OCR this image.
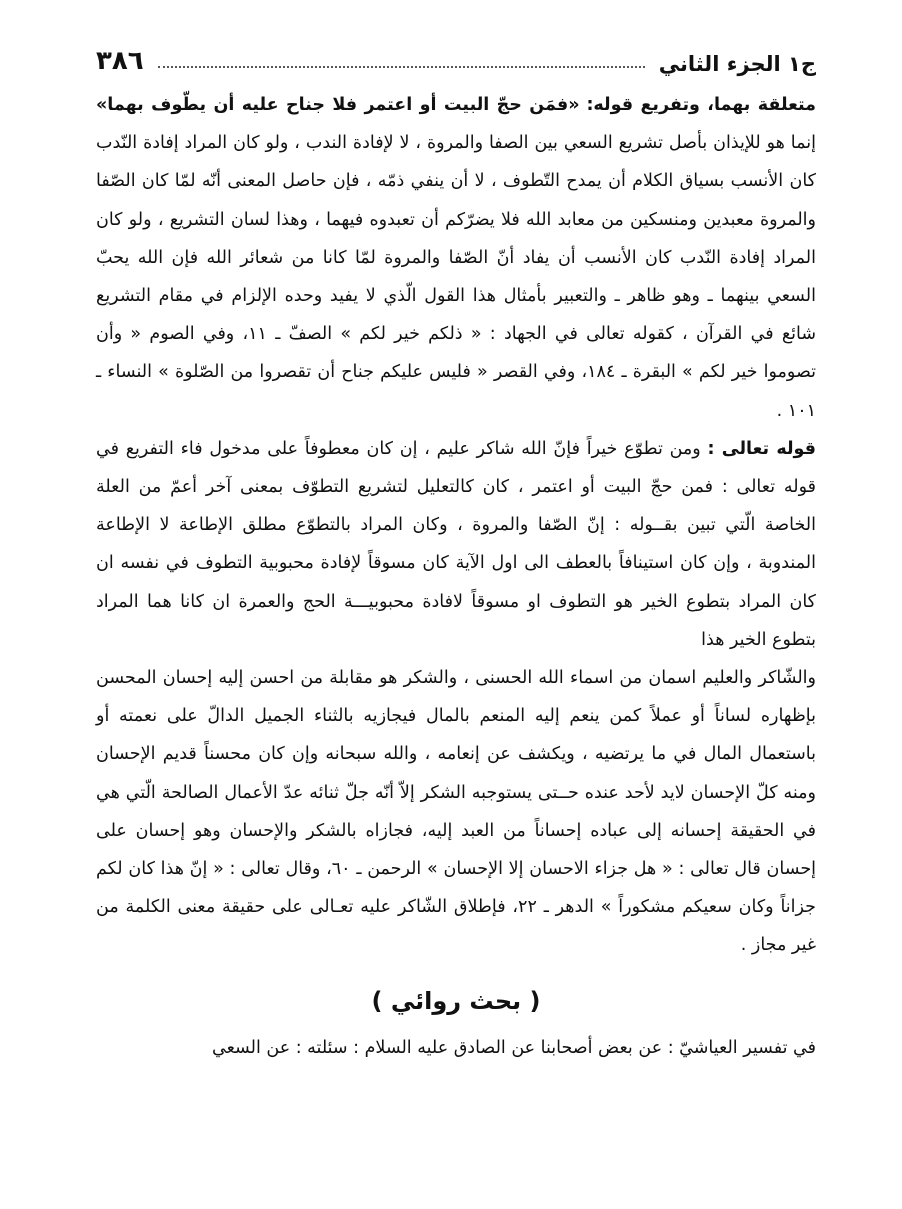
٣٨٦	ج١ الجزء الثاني

متعلقة بهما، وتفريع قوله: «فمَن حجّ البيت أو اعتمر فلا جناح عليه أن يطّوف بهما» إنما هو للإيذان بأصل تشريع السعي بين الصفا والمروة ، لا لإفادة الندب ، ولو كان المراد إفادة النّدب كان الأنسب بسياق الكلام أن يمدح التّطوف ، لا أن ينفي ذمّه ، فإن حاصل المعنى أنّه لمّا كان الصّفا والمروة معبدين ومنسكين من معابد الله فلا يضرّكم أن تعبدوه فيهما ، وهذا لسان التشريع ، ولو كان المراد إفادة النّدب كان الأنسب أن يفاد أنّ الصّفا والمروة لمّا كانا من شعائر الله فإن الله يحبّ السعي بينهما ـ وهو ظاهر ـ والتعبير بأمثال هذا القول الّذي لا يفيد وحده الإلزام في مقام التشريع شائع في القرآن ، كقوله تعالى في الجهاد : « ذلكم خير لكم » الصفّ ـ ١١، وفي الصوم « وأن تصوموا خير لكم » البقرة ـ ١٨٤، وفي القصر « فليس عليكم جناح أن تقصروا من الصّلوة » النساء ـ ١٠١ .

قوله تعالى : ومن تطوّع خيراً فإنّ الله شاكر عليم ، إن كان معطوفاً على مدخول فاء التفريع في قوله تعالى : فمن حجّ البيت أو اعتمر ، كان كالتعليل لتشريع التطوّف بمعنى آخر أعمّ من العلة الخاصة الّتي تبين بقــوله : إنّ الصّفا والمروة ، وكان المراد بالتطوّع مطلق الإطاعة لا الإطاعة المندوبة ، وإن كان استينافاً بالعطف الى اول الآية كان مسوقاً لإفادة محبوبية التطوف في نفسه ان كان المراد بتطوع الخير هو التطوف او مسوقاً لافادة محبوبيـــة الحج والعمرة ان كانا هما المراد بتطوع الخير هذا

والشّاكر والعليم اسمان من اسماء الله الحسنى ، والشكر هو مقابلة من احسن إليه إحسان المحسن بإظهاره لساناً أو عملاً كمن ينعم إليه المنعم بالمال فيجازيه بالثناء الجميل الدالّ على نعمته أو باستعمال المال في ما يرتضيه ، ويكشف عن إنعامه ، والله سبحانه وإن كان محسناً قديم الإحسان ومنه كلّ الإحسان لايد لأحد عنده حــتى يستوجبه الشكر إلاّ أنّه جلّ ثنائه عدّ الأعمال الصالحة الّتي هي في الحقيقة إحسانه إلى عباده إحساناً من العبد إليه، فجازاه بالشكر والإحسان وهو إحسان على إحسان قال تعالى : « هل جزاء الاحسان إلا الإحسان » الرحمن ـ ٦٠، وقال تعالى : « إنّ هذا كان لكم جزاناً وكان سعيكم مشكوراً » الدهر ـ ٢٢، فإطلاق الشّاكر عليه تعـالى على حقيقة معنى الكلمة من غير مجاز .

( بحث روائي )

في تفسير العياشيّ : عن بعض أصحابنا عن الصادق عليه السلام : سئلته : عن السعي
